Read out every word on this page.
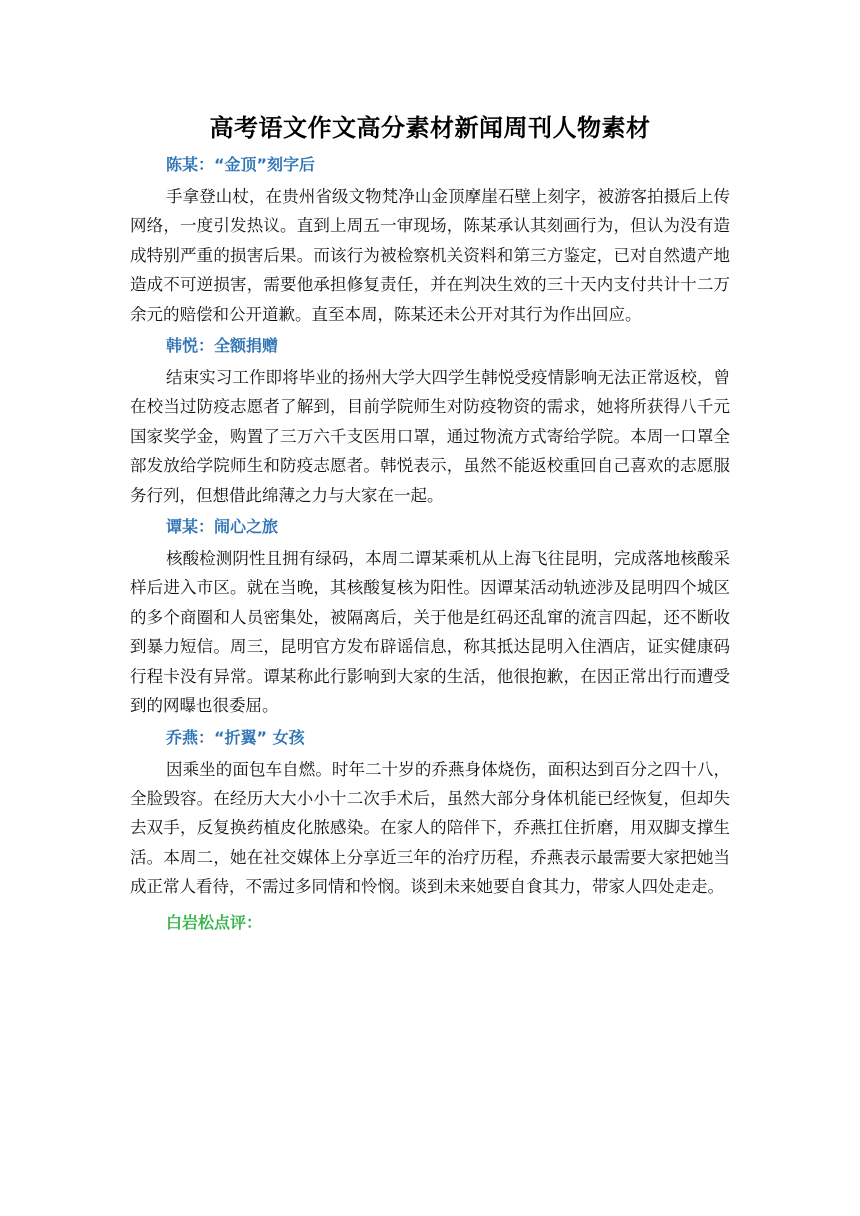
高考语文作文高分素材新闻周刊人物素材
陈某：“金顶”刻字后

手拿登山杖，在贵州省级文物梵净山金顶摩崖石壁上刻字，被游客拍摄后上传网络，一度引发热议。直到上周五一审现场，陈某承认其刻画行为，但认为没有造成特别严重的损害后果。而该行为被检察机关资料和第三方鉴定，已对自然遗产地造成不可逆损害，需要他承担修复责任，并在判决生效的三十天内支付共计十二万余元的赔偿和公开道歉。直至本周，陈某还未公开对其行为作出回应。

韩悦：全额捐赠

结束实习工作即将毕业的扬州大学大四学生韩悦受疫情影响无法正常返校，曾在校当过防疫志愿者了解到，目前学院师生对防疫物资的需求，她将所获得八千元国家奖学金，购置了三万六千支医用口罩，通过物流方式寄给学院。本周一口罩全部发放给学院师生和防疫志愿者。韩悦表示，虽然不能返校重回自己喜欢的志愿服务行列，但想借此绵薄之力与大家在一起。

谭某：闹心之旅

核酸检测阴性且拥有绿码，本周二谭某乘机从上海飞往昆明，完成落地核酸采样后进入市区。就在当晚，其核酸复核为阳性。因谭某活动轨迹涉及昆明四个城区的多个商圈和人员密集处，被隔离后，关于他是红码还乱窜的流言四起，还不断收到暴力短信。周三，昆明官方发布辟谣信息，称其抵达昆明入住酒店，证实健康码行程卡没有异常。谭某称此行影响到大家的生活，他很抱歉，在因正常出行而遭受到的网曝也很委屈。

乔燕：“折翼” 女孩

因乘坐的面包车自燃。时年二十岁的乔燕身体烧伤，面积达到百分之四十八，全脸毁容。在经历大大小小十二次手术后，虽然大部分身体机能已经恢复，但却失去双手，反复换药植皮化脓感染。在家人的陪伴下，乔燕扛住折磨，用双脚支撑生活。本周二，她在社交媒体上分享近三年的治疗历程，乔燕表示最需要大家把她当成正常人看待，不需过多同情和怜悯。谈到未来她要自食其力，带家人四处走走。

白岩松点评：
